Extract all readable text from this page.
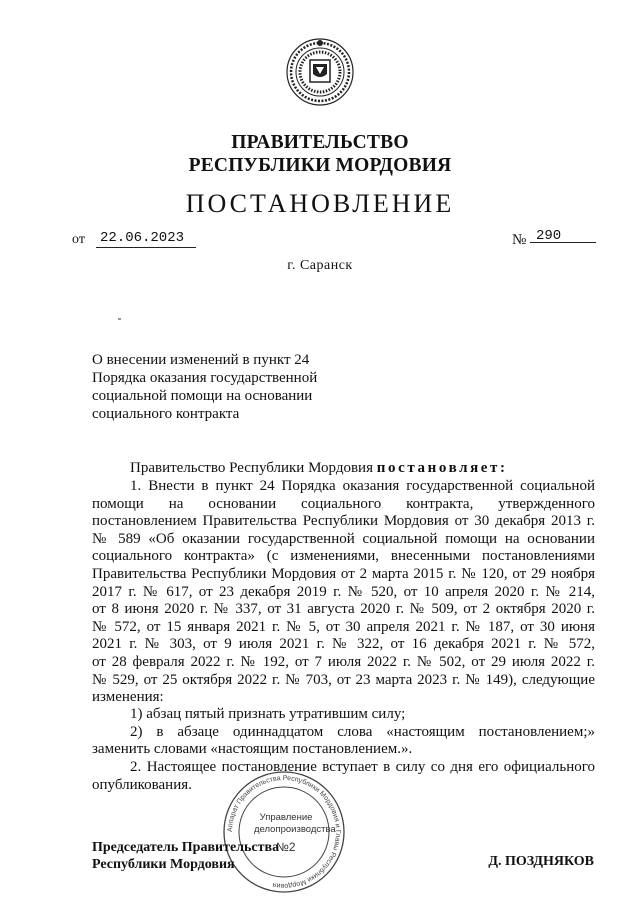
ПРАВИТЕЛЬСТВО
РЕСПУБЛИКИ МОРДОВИЯ
ПОСТАНОВЛЕНИЕ
от 22.06.2023	№ 290
г. Саранск
О внесении изменений в пункт 24
Порядка оказания государственной
социальной помощи на основании
социального контракта
Правительство Республики Мордовия постановляет:
1. Внести в пункт 24 Порядка оказания государственной социальной
помощи на основании социального контракта, утвержденного
постановлением Правительства Республики Мордовия от 30 декабря 2013 г.
№ 589 «Об оказании государственной социальной помощи на основании
социального контракта» (с изменениями, внесенными постановлениями
Правительства Республики Мордовия от 2 марта 2015 г. № 120, от 29 ноября
2017 г. № 617, от 23 декабря 2019 г. № 520, от 10 апреля 2020 г. № 214,
от 8 июня 2020 г. № 337, от 31 августа 2020 г. № 509, от 2 октября 2020 г.
№ 572, от 15 января 2021 г. № 5, от 30 апреля 2021 г. № 187, от 30 июня
2021 г. № 303, от 9 июля 2021 г. № 322, от 16 декабря 2021 г. № 572,
от 28 февраля 2022 г. № 192, от 7 июля 2022 г. № 502, от 29 июля 2022 г.
№ 529, от 25 октября 2022 г. № 703, от 23 марта 2023 г. № 149), следующие
изменения:
1) абзац пятый признать утратившим силу;
2) в абзаце одиннадцатом слова «настоящим постановлением;»
заменить словами «настоящим постановлением.».
2. Настоящее постановление вступает в силу со дня его официального
опубликования.
Аппарат Правительства Республики Мордовия и Главы Республики Мордовия
Управление
делопроизводства
№2
Председатель Правительства
Республики Мордовия	Д. ПОЗДНЯКОВ
